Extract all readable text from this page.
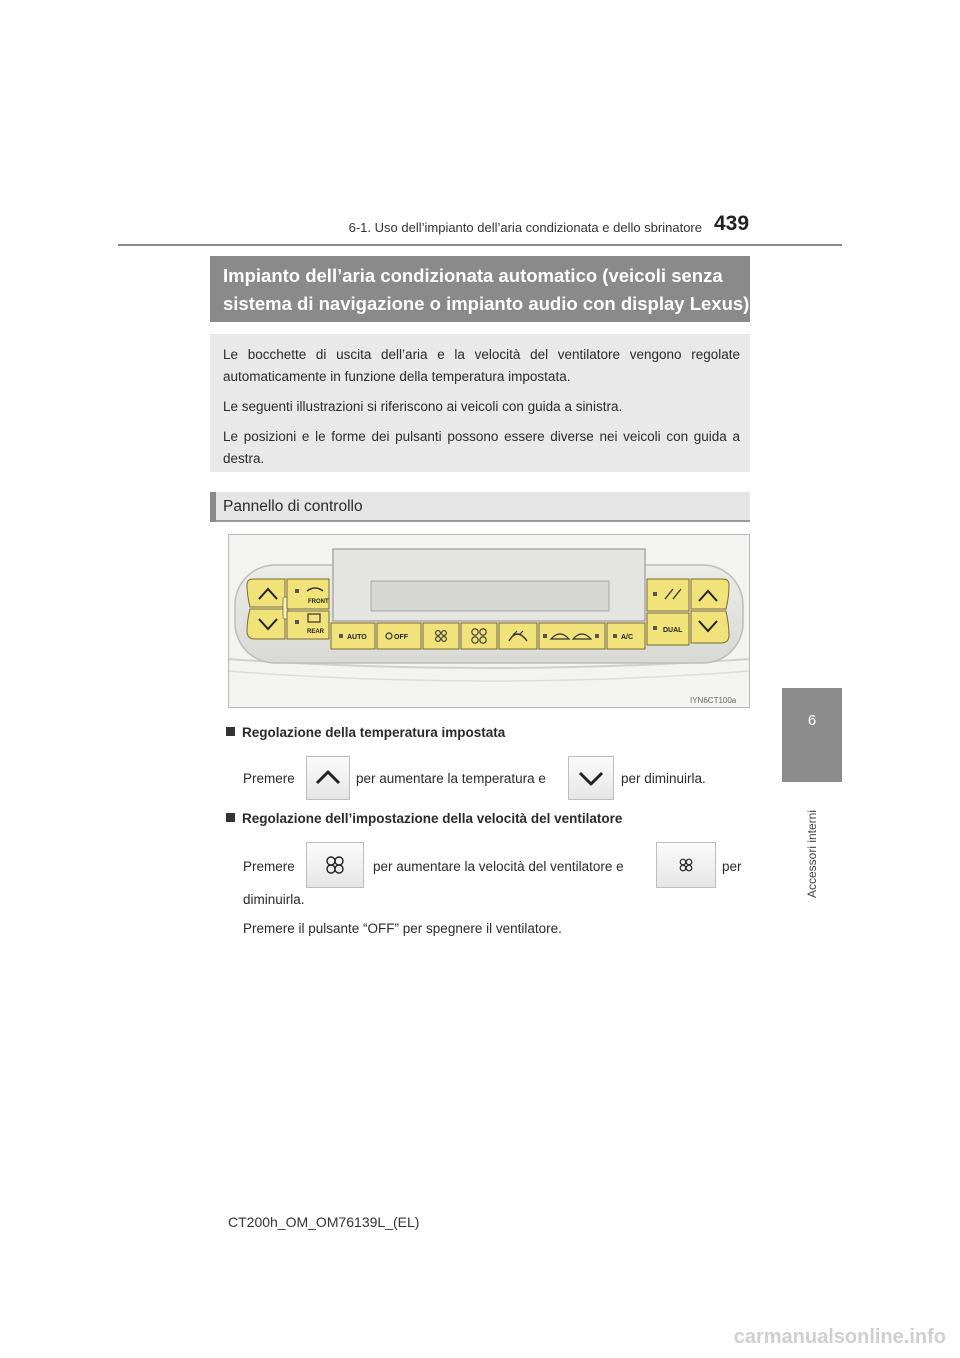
6-1. Uso dell’impianto dell’aria condizionata e dello sbrinatore 439
6
Accessori interni
Impianto dell’aria condizionata automatico (veicoli senza
sistema di navigazione o impianto audio con display Lexus)

Le bocchette di uscita dell’aria e la velocità del ventilatore vengono regolate automaticamente in funzione della temperatura impostata.

Le seguenti illustrazioni si riferiscono ai veicoli con guida a sinistra.

Le posizioni e le forme dei pulsanti possono essere diverse nei veicoli con guida a destra.

Pannello di controllo
FRONT
REAR
AUTO	OFF	A/C
DUAL
IYN6CT100a
Regolazione della temperatura impostata
Premere	per aumentare la temperatura e	per diminuirla.
Regolazione dell’impostazione della velocità del ventilatore
Premere	per aumentare la velocità del ventilatore e	per
diminuirla.
Premere il pulsante “OFF” per spegnere il ventilatore.
CT200h_OM_OM76139L_(EL)
carmanualsonline.info
